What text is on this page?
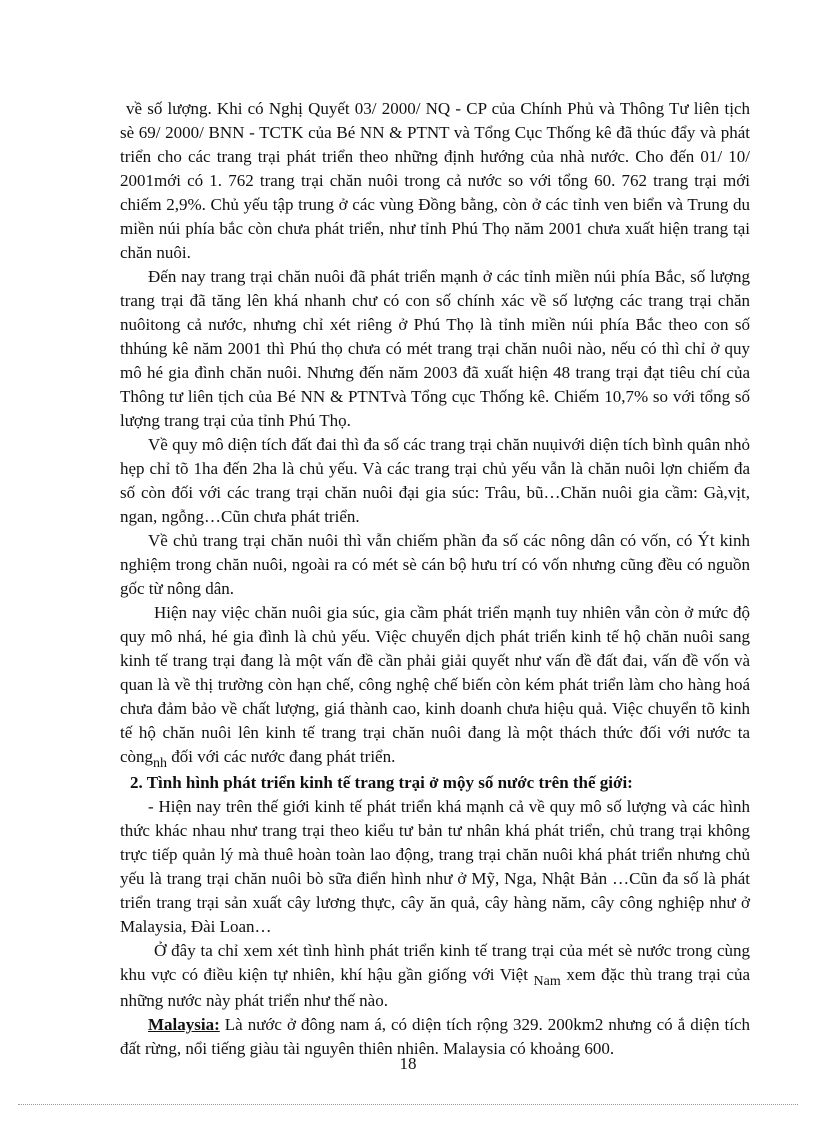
về số lượng. Khi có Nghị Quyết 03/ 2000/ NQ - CP của Chính Phủ và Thông Tư liên tịch sè 69/ 2000/ BNN - TCTK của Bé NN & PTNT và Tổng Cục Thống kê đã thúc đẩy và phát triển cho các trang trại phát triển theo những định hướng của nhà nước. Cho đến 01/ 10/ 2001mới có 1. 762 trang trại chăn nuôi trong cả nước so với tổng 60. 762 trang trại mới chiếm 2,9%. Chủ yếu tập trung ở các vùng Đồng bằng, còn ở các tỉnh ven biển và Trung du miền núi phía bắc còn chưa phát triển, như tỉnh Phú Thọ năm 2001 chưa xuất hiện trang tại chăn nuôi.

Đến nay trang trại chăn nuôi đã phát triển mạnh ở các tỉnh miền núi phía Bắc, số lượng trang trại đã tăng lên khá nhanh chư có con số chính xác về số lượng các trang trại chăn nuôitong cả nước, nhưng chỉ xét riêng ở Phú Thọ là tỉnh miền núi phía Bắc theo con số thhúng kê năm 2001 thì Phú thọ chưa có mét trang trại chăn nuôi nào, nếu có thì chỉ ở quy mô hé gia đình chăn nuôi. Nhưng đến năm 2003 đã xuất hiện 48 trang trại đạt tiêu chí của Thông tư liên tịch của Bé NN & PTNTvà Tổng cục Thống kê. Chiếm 10,7% so với tổng số lượng trang trại của tỉnh Phú Thọ.

Về quy mô diện tích đất đai thì đa số các trang trại chăn nuụivới diện tích bình quân nhỏ hẹp chỉ tõ 1ha đến 2ha là chủ yếu. Và các trang trại chủ yếu vẫn là chăn nuôi lợn chiếm đa số còn đối với các trang trại chăn nuôi đại gia súc: Trâu, bũ…Chăn nuôi gia cầm: Gà,vịt, ngan, ngỗng…Cũn chưa phát triển.

Về chủ trang trại chăn nuôi thì vẫn chiếm phần đa số các nông dân có vốn, có Ýt kinh nghiệm trong chăn nuôi, ngoài ra có mét sè cán bộ hưu trí có vốn nhưng cũng đều có nguồn gốc từ nông dân.

Hiện nay việc chăn nuôi gia súc, gia cầm phát triển mạnh tuy nhiên vẫn còn ở mức độ quy mô nhá, hé gia đình là chủ yếu. Việc chuyển dịch phát triển kinh tế hộ chăn nuôi sang kinh tế trang trại đang là một vấn đề cần phải giải quyết như vấn đề đất đai, vấn đề vốn và quan là về thị trường còn hạn chế, công nghệ chế biến còn kém phát triển làm cho hàng hoá chưa đảm bảo về chất lượng, giá thành cao, kinh doanh chưa hiệu quả. Việc chuyển tõ kinh tế hộ chăn nuôi lên kinh tế trang trại chăn nuôi đang là một thách thức đối với nước ta còng$_{nh}$ đối với các nước đang phát triển.

2. Tình hình phát triển kinh tế trang trại ở mộy số nước trên thế giới:

- Hiện nay trên thế giới kinh tế phát triển khá mạnh cả về quy mô số lượng và các hình thức khác nhau như trang trại theo kiểu tư bản tư nhân khá phát triển, chủ trang trại không trực tiếp quản lý mà thuê hoàn toàn lao động, trang trại chăn nuôi khá phát triển nhưng chủ yếu là trang trại chăn nuôi bò sữa điển hình như ở Mỹ, Nga, Nhật Bản …Cũn đa số là phát triển trang trại sản xuất cây lương thực, cây ăn quả, cây hàng năm, cây công nghiệp như ở Malaysia, Đài Loan…

Ở đây ta chỉ xem xét tình hình phát triển kinh tế trang trại của mét sè nước trong cùng khu vực có điều kiện tự nhiên, khí hậu gần giống với Việt $_{Nam}$ xem đặc thù trang trại của những nước này phát triển như thế nào.

Malaysia: Là nước ở đông nam á, có diện tích rộng 329. 200km2 nhưng có ắ diện tích đất rừng, nổi tiếng giàu tài nguyên thiên nhiên. Malaysia có khoảng 600.

18
